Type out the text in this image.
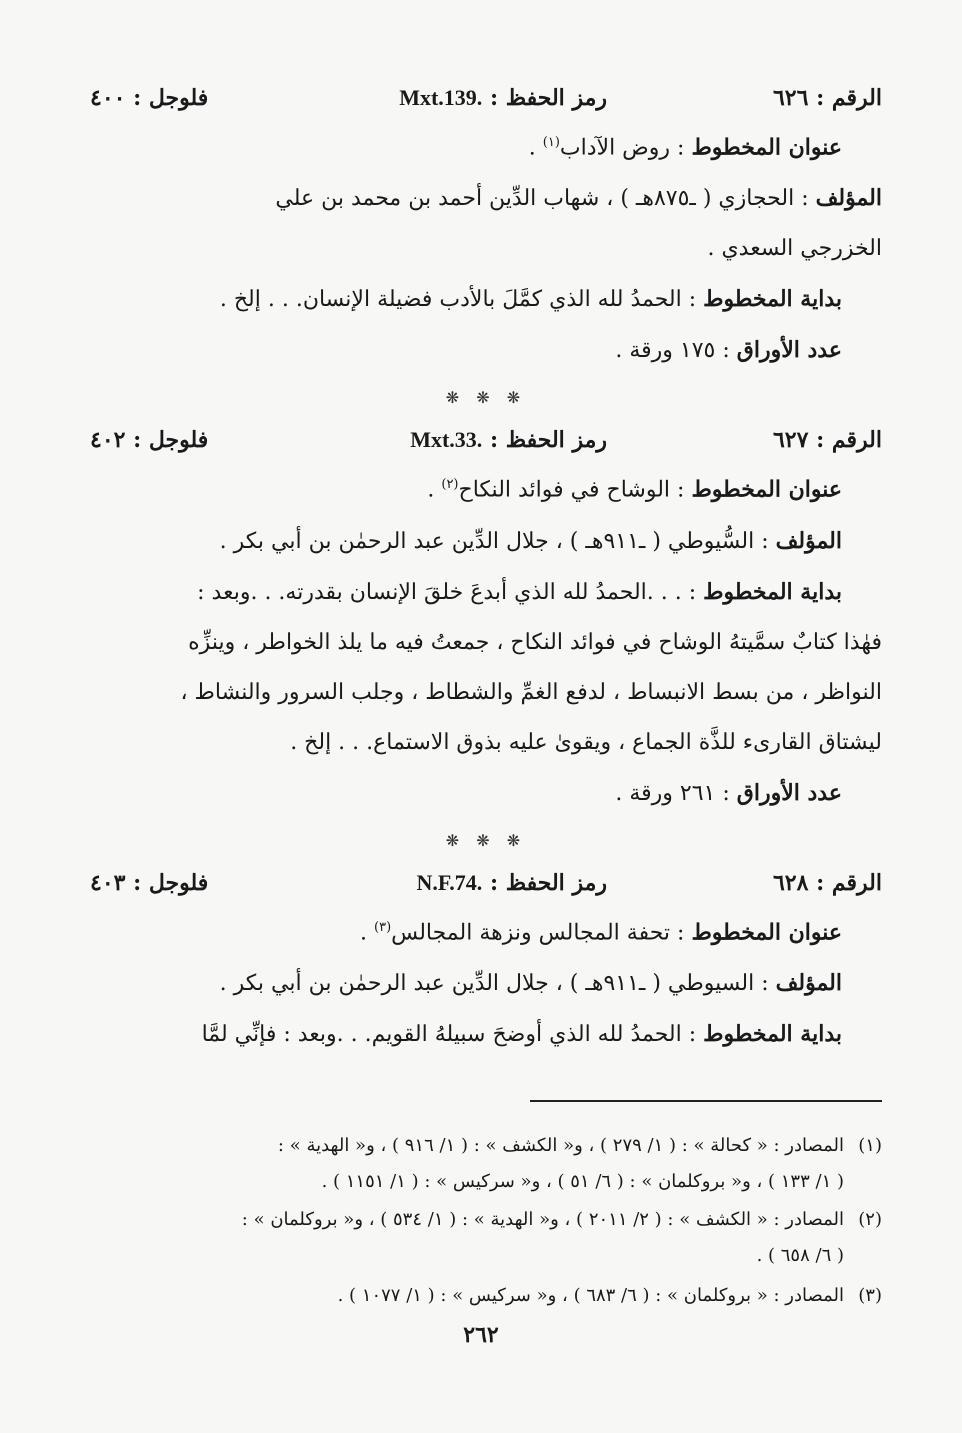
الرقم : ٦٢٦
رمز الحفظ : Mxt.139.
فلوجل : ٤٠٠
عنوان المخطوط : روض الآداب$^{(١)}$ .
المؤلف : الحجازي ( ـ٨٧٥هـ ) ، شهاب الدِّين أحمد بن محمد بن علي
الخزرجي السعدي .
بداية المخطوط : الحمدُ لله الذي كمَّلَ بالأدب فضيلة الإنسان. . . إلخ .
عدد الأوراق : ١٧٥ ورقة .
❋ ❋ ❋
الرقم : ٦٢٧
رمز الحفظ : Mxt.33.
فلوجل : ٤٠٢
عنوان المخطوط : الوشاح في فوائد النكاح$^{(٢)}$ .
المؤلف : السُّيوطي ( ـ٩١١هـ ) ، جلال الدِّين عبد الرحمٰن بن أبي بكر .
بداية المخطوط : . . .الحمدُ لله الذي أبدعَ خلقَ الإنسان بقدرته. . .وبعد :
فهٰذا كتابٌ سمَّيتهُ الوشاح في فوائد النكاح ، جمعتُ فيه ما يلذ الخواطر ، وينزِّه
النواظر ، من بسط الانبساط ، لدفع الغمِّ والشطاط ، وجلب السرور والنشاط ،
ليشتاق القارىء للذَّة الجماع ، ويقوىٰ عليه بذوق الاستماع. . . إلخ .
عدد الأوراق : ٢٦١ ورقة .
❋ ❋ ❋
الرقم : ٦٢٨
رمز الحفظ : N.F.74.
فلوجل : ٤٠٣
عنوان المخطوط : تحفة المجالس ونزهة المجالس$^{(٣)}$ .
المؤلف : السيوطي ( ـ٩١١هـ ) ، جلال الدِّين عبد الرحمٰن بن أبي بكر .
بداية المخطوط : الحمدُ لله الذي أوضحَ سبيلهُ القويم. . .وبعد : فإنِّي لمَّا
(١)المصادر : « كحالة » : ( ١/ ٢٧٩ ) ، و« الكشف » : ( ١/ ٩١٦ ) ، و« الهدية » :
( ١/ ١٣٣ ) ، و« بروكلمان » : ( ٦/ ٥١ ) ، و« سركيس » : ( ١/ ١١٥١ ) .
(٢)المصادر : « الكشف » : ( ٢/ ٢٠١١ ) ، و« الهدية » : ( ١/ ٥٣٤ ) ، و« بروكلمان » :
( ٦/ ٦٥٨ ) .
(٣)المصادر : « بروكلمان » : ( ٦/ ٦٨٣ ) ، و« سركيس » : ( ١/ ١٠٧٧ ) .
٢٦٢
